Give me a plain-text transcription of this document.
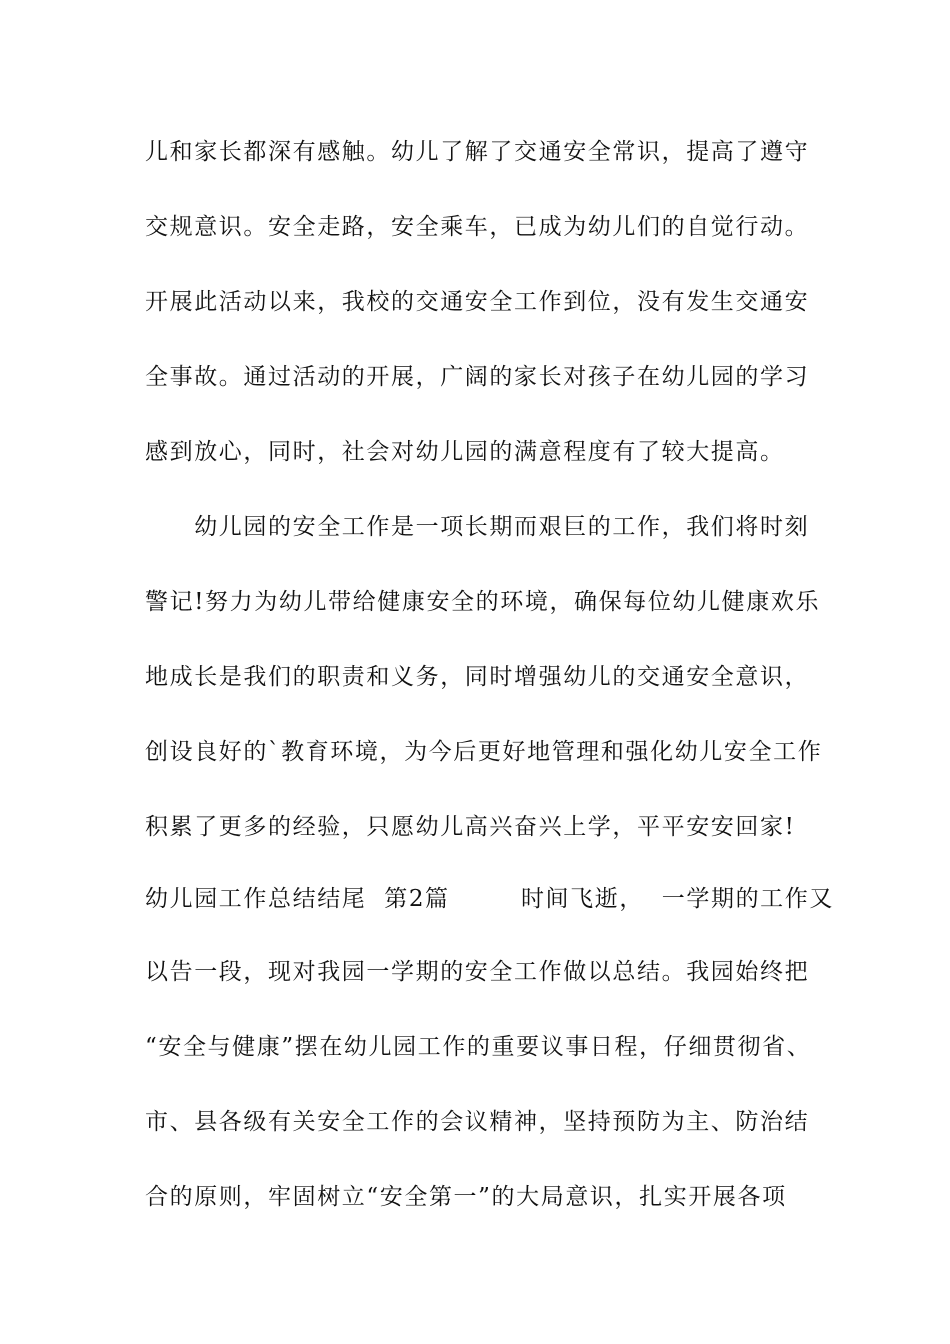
儿和家长都深有感触。幼儿了解了交通安全常识，提高了遵守
交规意识。安全走路，安全乘车，已成为幼儿们的自觉行动。
开展此活动以来，我校的交通安全工作到位，没有发生交通安
全事故。通过活动的开展，广阔的家长对孩子在幼儿园的学习
感到放心，同时，社会对幼儿园的满意程度有了较大提高。
　　幼儿园的安全工作是一项长期而艰巨的工作，我们将时刻
警记!努力为幼儿带给健康安全的环境，确保每位幼儿健康欢乐
地成长是我们的职责和义务，同时增强幼儿的交通安全意识，
创设良好的`教育环境，为今后更好地管理和强化幼儿安全工作
积累了更多的经验，只愿幼儿高兴奋兴上学，平平安安回家!
幼儿园工作总结结尾  第2篇        时间飞逝，  一学期的工作又
以告一段，现对我园一学期的安全工作做以总结。我园始终把
“安全与健康”摆在幼儿园工作的重要议事日程，仔细贯彻省、
市、县各级有关安全工作的会议精神，坚持预防为主、防治结
合的原则，牢固树立“安全第一”的大局意识，扎实开展各项
